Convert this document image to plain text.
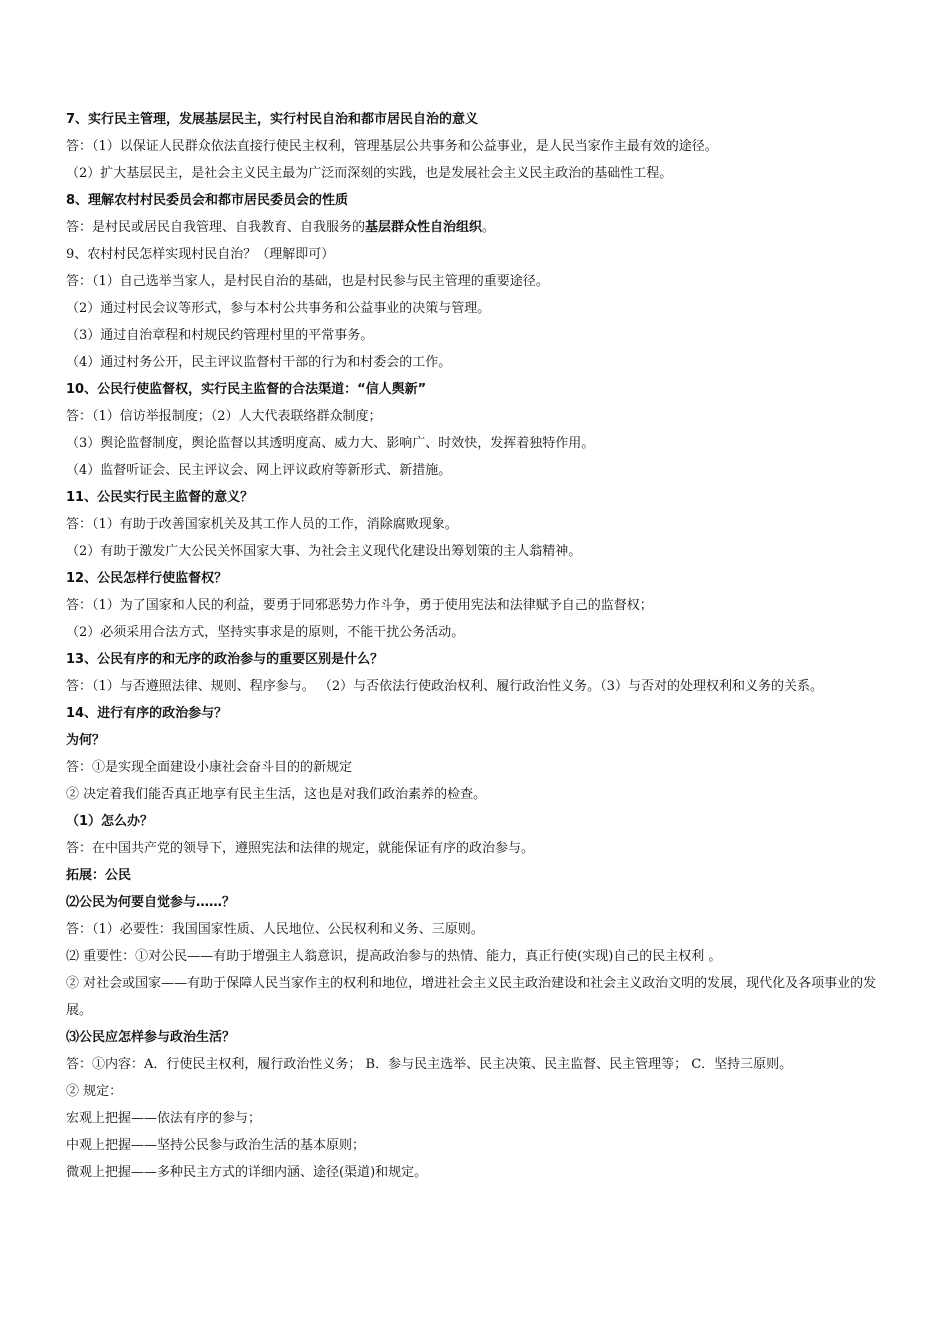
7、实行民主管理，发展基层民主，实行村民自治和都市居民自治的意义
答：（1）以保证人民群众依法直接行使民主权利，管理基层公共事务和公益事业，是人民当家作主最有效的途径。
（2）扩大基层民主，是社会主义民主最为广泛而深刻的实践，也是发展社会主义民主政治的基础性工程。
8、理解农村村民委员会和都市居民委员会的性质
答：是村民或居民自我管理、自我教育、自我服务的基层群众性自治组织。
9、农村村民怎样实现村民自治？（理解即可）
答：（1）自己选举当家人，是村民自治的基础，也是村民参与民主管理的重要途径。
（2）通过村民会议等形式，参与本村公共事务和公益事业的决策与管理。
（3）通过自治章程和村规民约管理村里的平常事务。
（4）通过村务公开，民主评议监督村干部的行为和村委会的工作。
10、公民行使监督权，实行民主监督的合法渠道：“信人舆新”
答：（1）信访举报制度；（2）人大代表联络群众制度；
（3）舆论监督制度，舆论监督以其透明度高、威力大、影响广、时效快，发挥着独特作用。
（4）监督听证会、民主评议会、网上评议政府等新形式、新措施。
11、公民实行民主监督的意义？
答：（1）有助于改善国家机关及其工作人员的工作，消除腐败现象。
（2）有助于激发广大公民关怀国家大事、为社会主义现代化建设出筹划策的主人翁精神。
12、公民怎样行使监督权？
答：（1）为了国家和人民的利益，要勇于同邪恶势力作斗争，勇于使用宪法和法律赋予自己的监督权；
（2）必须采用合法方式，坚持实事求是的原则，不能干扰公务活动。
13、公民有序的和无序的政治参与的重要区别是什么？
答：（1）与否遵照法律、规则、程序参与。 （2）与否依法行使政治权利、履行政治性义务。（3）与否对的处理权利和义务的关系。
14、进行有序的政治参与？
为何？
答：①是实现全面建设小康社会奋斗目的的新规定
② 决定着我们能否真正地享有民主生活，这也是对我们政治素养的检查。
（1）怎么办？
答：在中国共产党的领导下，遵照宪法和法律的规定，就能保证有序的政治参与。
拓展：公民
⑵公民为何要自觉参与……？
答：（1）必要性：我国国家性质、人民地位、公民权利和义务、三原则。
⑵ 重要性：①对公民——有助于增强主人翁意识，提高政治参与的热情、能力，真正行使(实现)自己的民主权利 。
② 对社会或国家——有助于保障人民当家作主的权利和地位，增进社会主义民主政治建设和社会主义政治文明的发展，现代化及各项事业的发展。
⑶公民应怎样参与政治生活？
答：①内容：A．行使民主权利，履行政治性义务； B．参与民主选举、民主决策、民主监督、民主管理等； C．坚持三原则。
② 规定：
宏观上把握——依法有序的参与；
中观上把握——坚持公民参与政治生活的基本原则；
微观上把握——多种民主方式的详细内涵、途径(渠道)和规定。
